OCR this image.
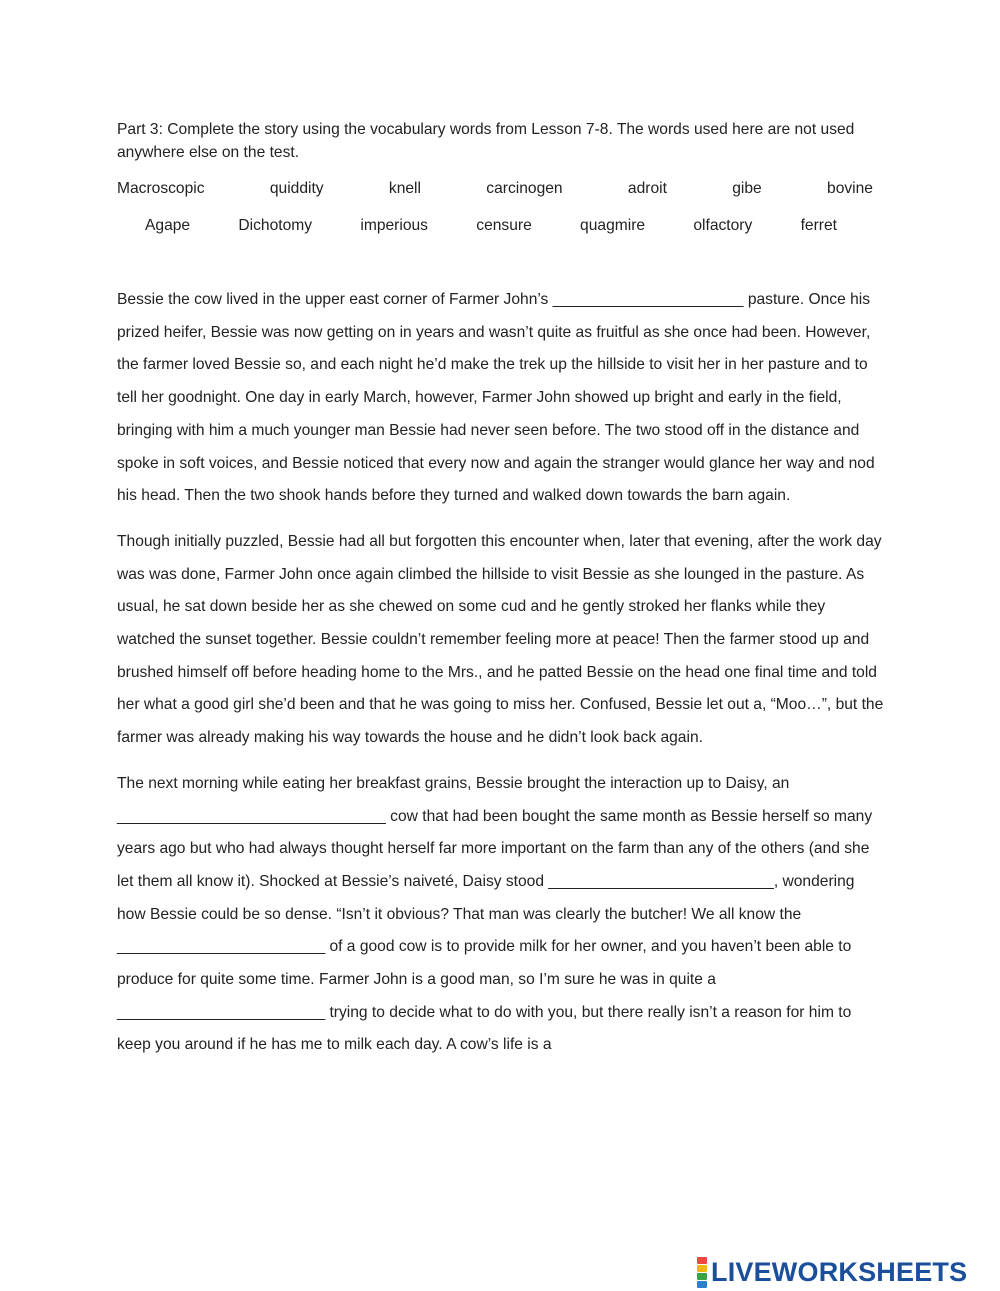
Part 3: Complete the story using the vocabulary words from Lesson 7-8. The words used here are not used anywhere else on the test.

Macroscopic	quiddity	knell	carcinogen	adroit	gibe	bovine
Agape	Dichotomy	imperious	censure	quagmire	olfactory	ferret

Bessie the cow lived in the upper east corner of Farmer John’s ______________________ pasture. Once his prized heifer, Bessie was now getting on in years and wasn’t quite as fruitful as she once had been. However, the farmer loved Bessie so, and each night he’d make the trek up the hillside to visit her in her pasture and to tell her goodnight. One day in early March, however, Farmer John showed up bright and early in the field, bringing with him a much younger man Bessie had never seen before. The two stood off in the distance and spoke in soft voices, and Bessie noticed that every now and again the stranger would glance her way and nod his head. Then the two shook hands before they turned and walked down towards the barn again.

Though initially puzzled, Bessie had all but forgotten this encounter when, later that evening, after the work day was was done, Farmer John once again climbed the hillside to visit Bessie as she lounged in the pasture. As usual, he sat down beside her as she chewed on some cud and he gently stroked her flanks while they watched the sunset together. Bessie couldn’t remember feeling more at peace! Then the farmer stood up and brushed himself off before heading home to the Mrs., and he patted Bessie on the head one final time and told her what a good girl she’d been and that he was going to miss her. Confused, Bessie let out a, “Moo…”, but the farmer was already making his way towards the house and he didn’t look back again.

The next morning while eating her breakfast grains, Bessie brought the interaction up to Daisy, an _______________________________ cow that had been bought the same month as Bessie herself so many years ago but who had always thought herself far more important on the farm than any of the others (and she let them all know it). Shocked at Bessie’s naiveté, Daisy stood __________________________, wondering how Bessie could be so dense. “Isn’t it obvious? That man was clearly the butcher! We all know the ________________________ of a good cow is to provide milk for her owner, and you haven’t been able to produce for quite some time. Farmer John is a good man, so I’m sure he was in quite a ________________________ trying to decide what to do with you, but there really isn’t a reason for him to keep you around if he has me to milk each day. A cow’s life is a

LIVEWORKSHEETS
